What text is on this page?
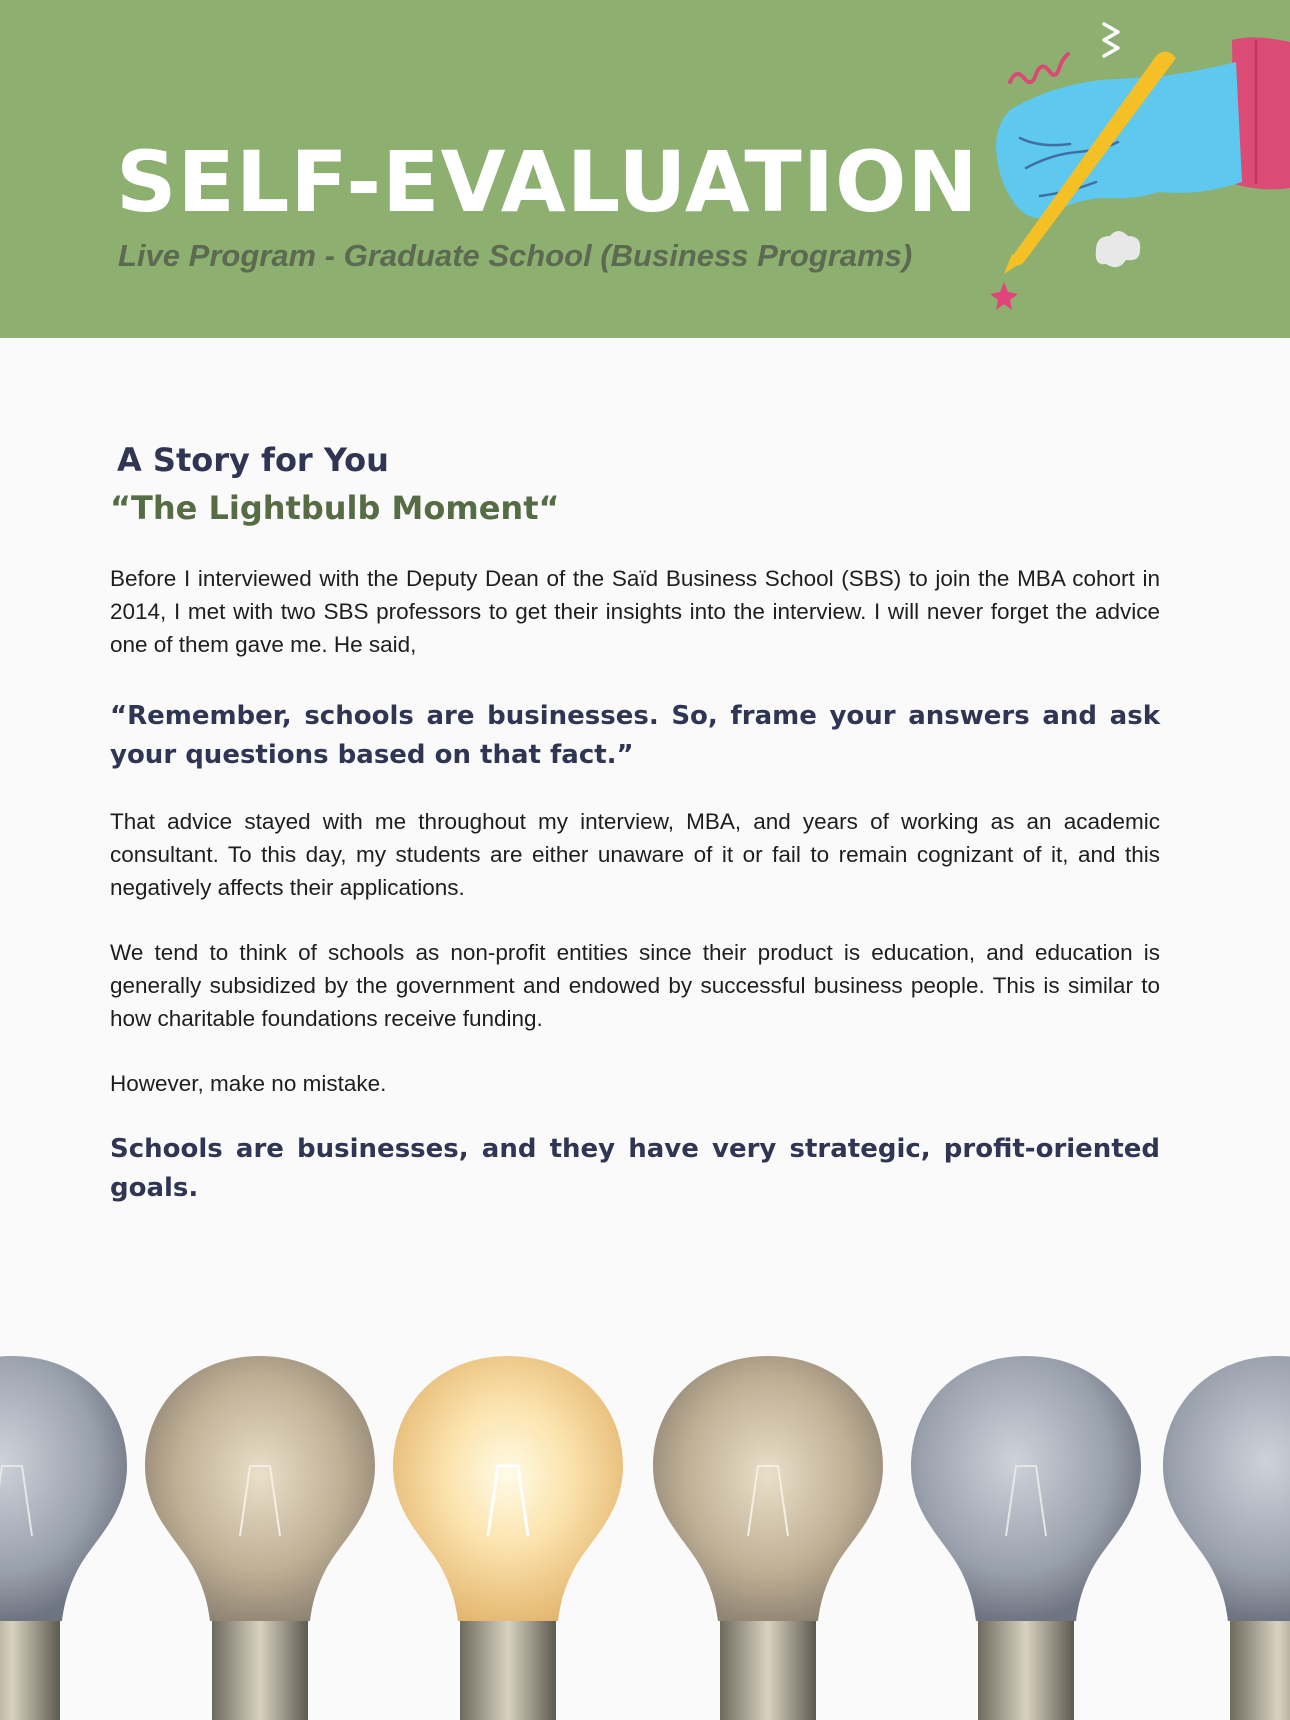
SELF-EVALUATION

Live Program - Graduate School (Business Programs)

A Story for You
“The Lightbulb Moment“

Before I interviewed with the Deputy Dean of the Saïd Business School (SBS) to join the MBA cohort in 2014, I met with two SBS professors to get their insights into the interview. I will never forget the advice one of them gave me. He said,

“Remember, schools are businesses. So, frame your answers and ask your questions based on that fact.”

That advice stayed with me throughout my interview, MBA, and years of working as an academic consultant. To this day, my students are either unaware of it or fail to remain cognizant of it, and this negatively affects their applications.

We tend to think of schools as non-profit entities since their product is education, and education is generally subsidized by the government and endowed by successful business people. This is similar to how charitable foundations receive funding.

However, make no mistake.

Schools are businesses, and they have very strategic, profit-oriented goals.
